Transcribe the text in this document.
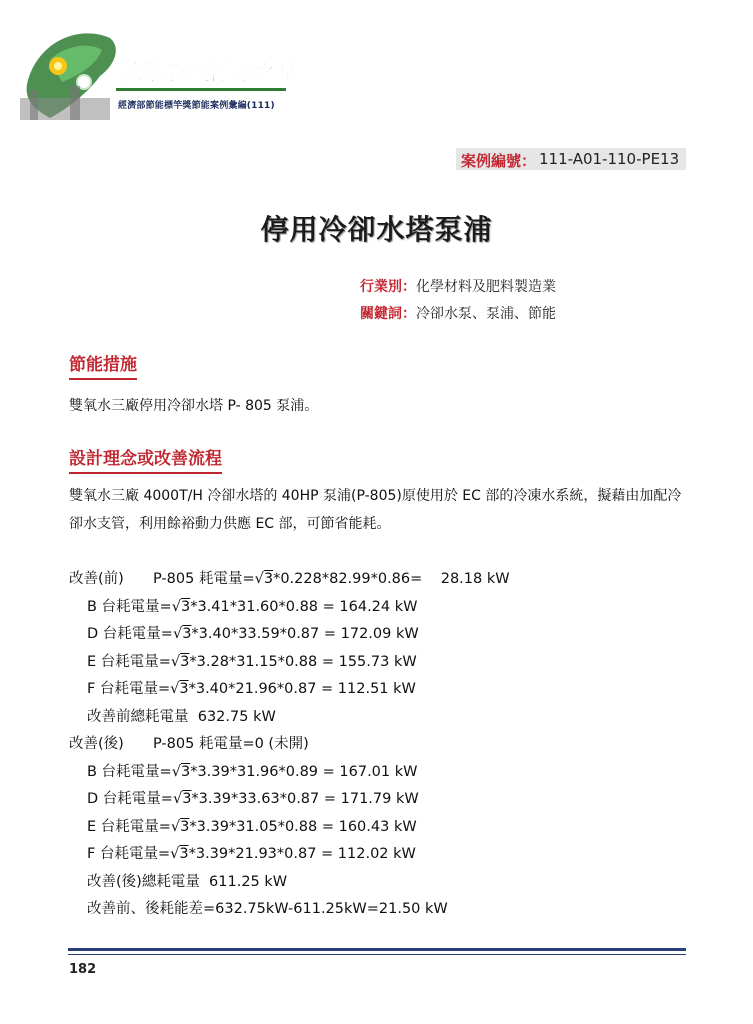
節能養英淨零之星
經濟部節能標竿獎節能案例彙編(111)
案例編號： 111-A01-110-PE13
停用冷卻水塔泵浦
行業別：化學材料及肥料製造業
關鍵詞：冷卻水泵、泵浦、節能
節能措施
雙氧水三廠停用冷卻水塔 P- 805 泵浦。
設計理念或改善流程
雙氧水三廠 4000T/H 冷卻水塔的 40HP 泵浦(P-805)原使用於 EC 部的冷凍水系統，擬藉由加配冷卻水支管，利用餘裕動力供應 EC 部，可節省能耗。
改善(前) P-805 耗電量=√3*0.228*82.99*0.86=    28.18 kW
B 台耗電量=√3*3.41*31.60*0.88 = 164.24 kW
D 台耗電量=√3*3.40*33.59*0.87 = 172.09 kW
E 台耗電量=√3*3.28*31.15*0.88 = 155.73 kW
F 台耗電量=√3*3.40*21.96*0.87 = 112.51 kW
改善前總耗電量  632.75 kW
改善(後) P-805 耗電量=0 (未開)
B 台耗電量=√3*3.39*31.96*0.89 = 167.01 kW
D 台耗電量=√3*3.39*33.63*0.87 = 171.79 kW
E 台耗電量=√3*3.39*31.05*0.88 = 160.43 kW
F 台耗電量=√3*3.39*21.93*0.87 = 112.02 kW
改善(後)總耗電量  611.25 kW
改善前、後耗能差=632.75kW-611.25kW=21.50 kW
182
